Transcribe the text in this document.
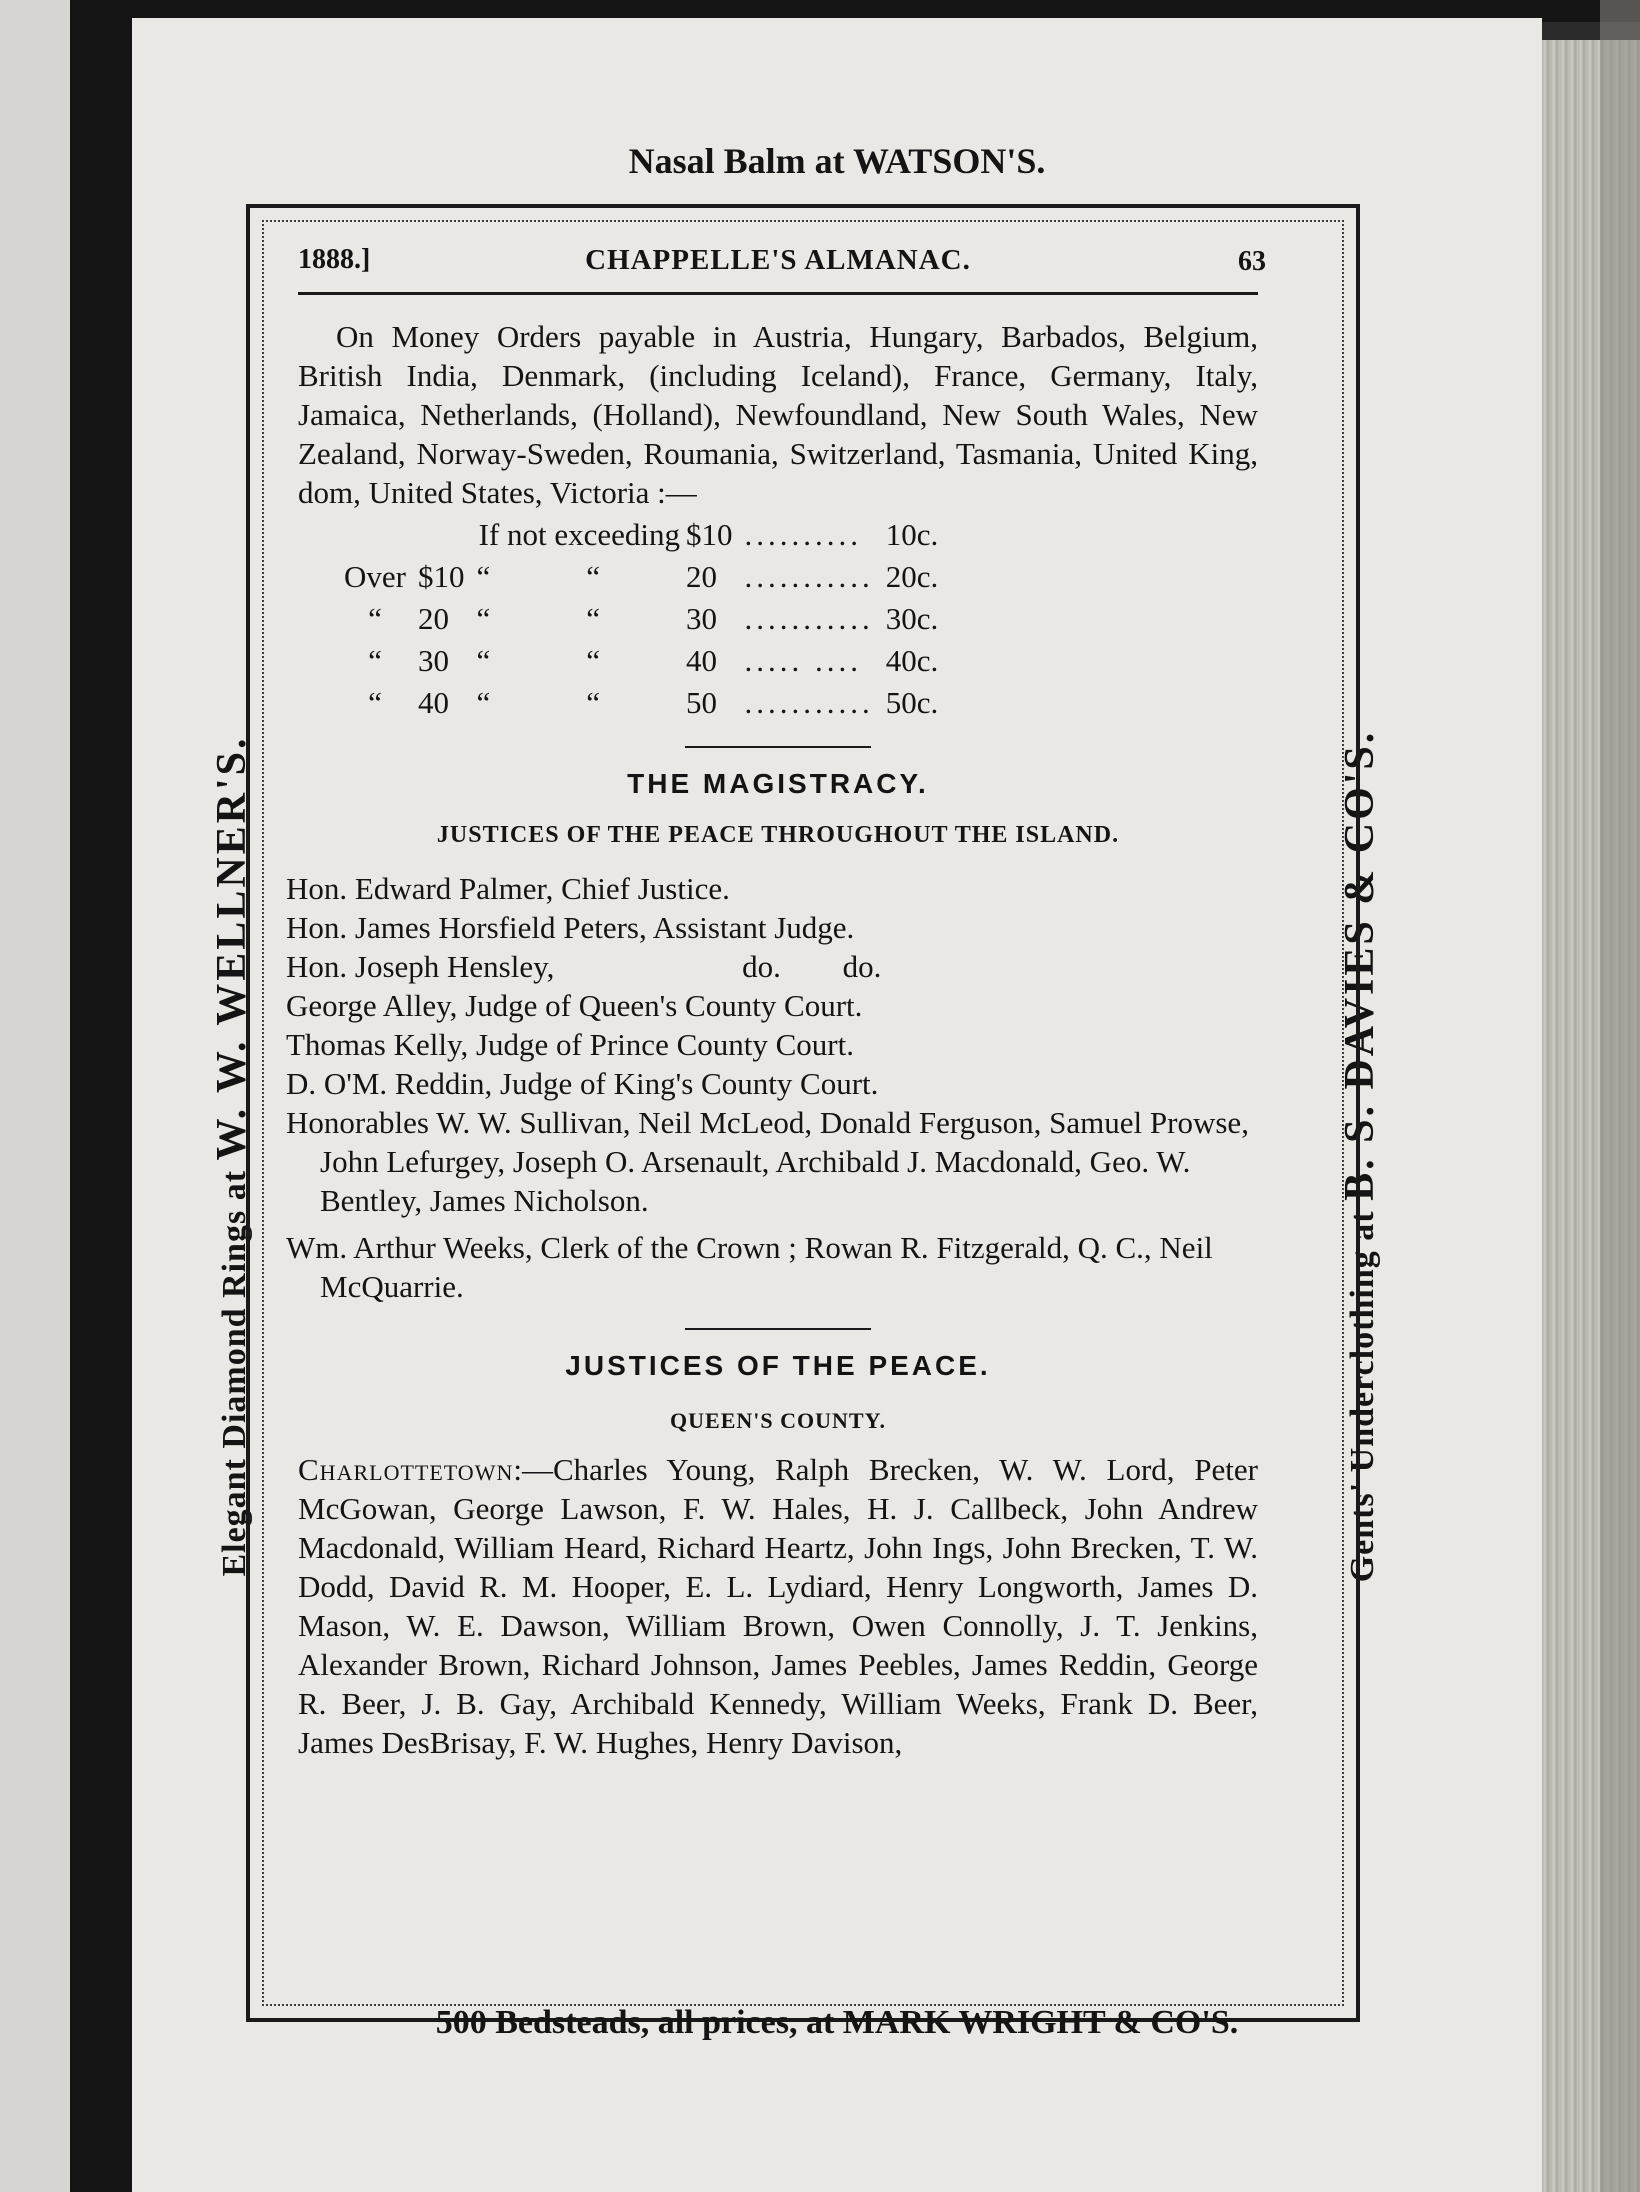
Nasal Balm at WATSON'S.
Elegant Diamond Rings at W. W. WELLNER'S.
Gents' Underclothing at B. S. DAVIES & CO'S.
1888.]	CHAPPELLE'S ALMANAC.	63

On Money Orders payable in Austria, Hungary, Barbados, Belgium, British India, Denmark, (including Iceland), France, Germany, Italy, Jamaica, Netherlands, (Holland), Newfoundland, New South Wales, New Zealand, Norway-Sweden, Roumania, Switzerland, Tasmania, United King, dom, United States, Victoria :—

If not exceeding				$10	..........	10c.
Over	$10	“	“	20	...........	20c.
“	20	“	“	30	...........	30c.
“	30	“	“	40	..... ....	40c.
“	40	“	“	50	...........	50c.
THE MAGISTRACY.
JUSTICES OF THE PEACE THROUGHOUT THE ISLAND.

Hon. Edward Palmer, Chief Justice.

Hon. James Horsfield Peters, Assistant Judge.

Hon. Joseph Hensley,	do. do.

George Alley, Judge of Queen's County Court.

Thomas Kelly, Judge of Prince County Court.

D. O'M. Reddin, Judge of King's County Court.

Honorables W. W. Sullivan, Neil McLeod, Donald Ferguson, Samuel Prowse, John Lefurgey, Joseph O. Arsenault, Archibald J. Macdonald, Geo. W. Bentley, James Nicholson.

Wm. Arthur Weeks, Clerk of the Crown ; Rowan R. Fitzgerald, Q. C., Neil McQuarrie.

JUSTICES OF THE PEACE.
QUEEN'S COUNTY.

Charlottetown:—Charles Young, Ralph Brecken, W. W. Lord, Peter McGowan, George Lawson, F. W. Hales, H. J. Callbeck, John Andrew Macdonald, William Heard, Richard Heartz, John Ings, John Brecken, T. W. Dodd, David R. M. Hooper, E. L. Lydiard, Henry Longworth, James D. Mason, W. E. Dawson, William Brown, Owen Connolly, J. T. Jenkins, Alexander Brown, Richard Johnson, James Peebles, James Reddin, George R. Beer, J. B. Gay, Archibald Kennedy, William Weeks, Frank D. Beer, James DesBrisay, F. W. Hughes, Henry Davison,

500 Bedsteads, all prices, at MARK WRIGHT & CO'S.
